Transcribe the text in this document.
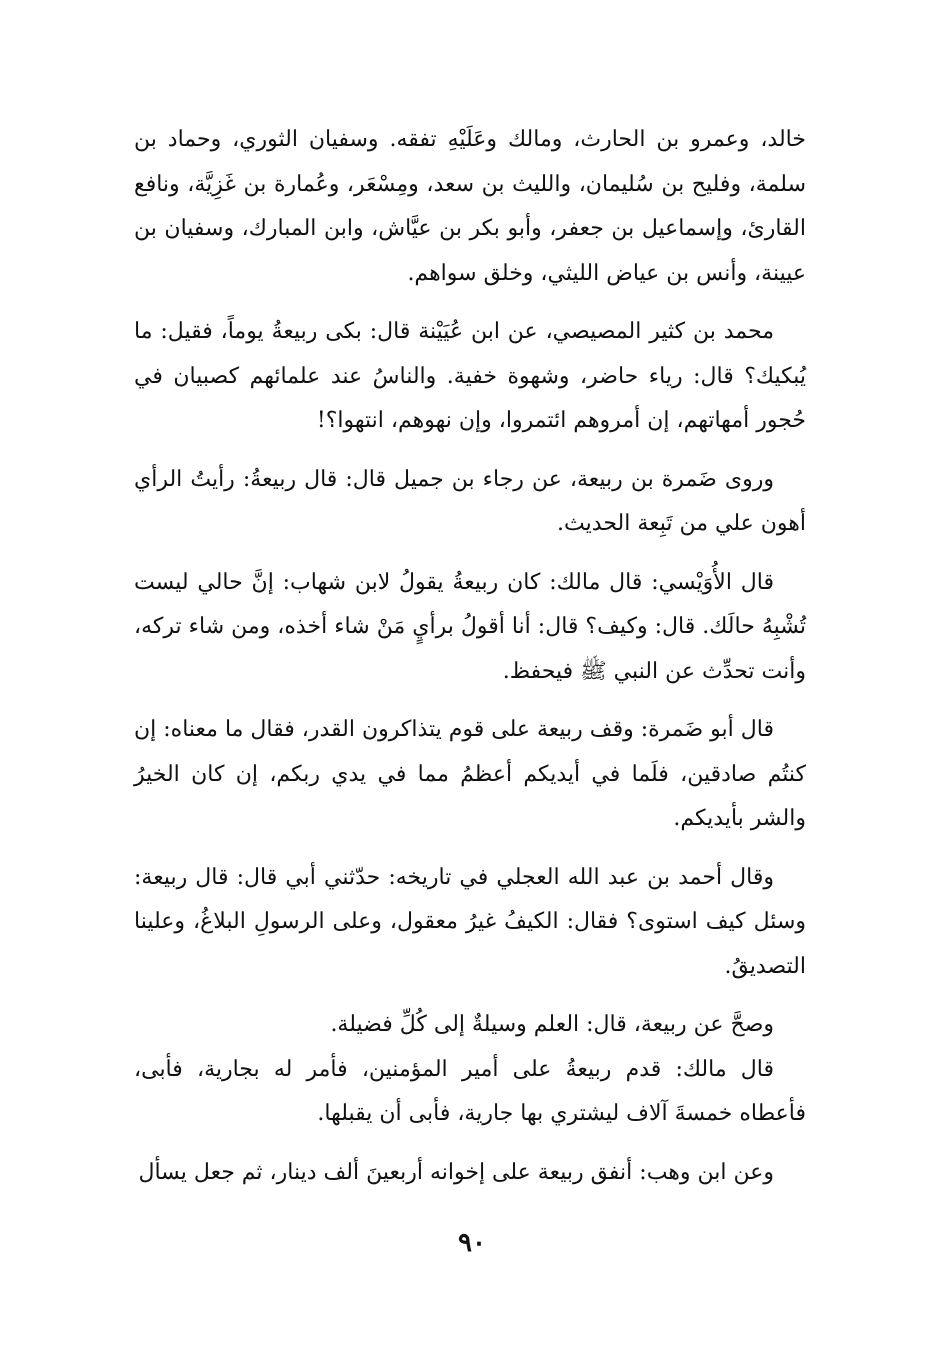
خالد، وعمرو بن الحارث، ومالك وعَلَيْهِ تفقه. وسفيان الثوري، وحماد بن سلمة، وفليح بن سُليمان، والليث بن سعد، ومِسْعَر، وعُمارة بن غَزِيَّة، ونافع القارئ، وإسماعيل بن جعفر، وأبو بكر بن عيَّاش، وابن المبارك، وسفيان بن عيينة، وأنس بن عياض الليثي، وخلق سواهم.

محمد بن كثير المصيصي، عن ابن عُيَيْنة قال: بكى ربيعةُ يوماً، فقيل: ما يُبكيك؟ قال: رياء حاضر، وشهوة خفية. والناسُ عند علمائهم كصبيان في حُجور أمهاتهم، إن أمروهم ائتمروا، وإن نهوهم، انتهوا؟!

وروى ضَمرة بن ربيعة، عن رجاء بن جميل قال: قال ربيعةُ: رأيتُ الرأي أهون علي من تَبِعة الحديث.

قال الأُوَيْسي: قال مالك: كان ربيعةُ يقولُ لابن شهاب: إنَّ حالي ليست تُشْبِهُ حالَك. قال: وكيف؟ قال: أنا أقولُ برأيٍ مَنْ شاء أخذه، ومن شاء تركه، وأنت تحدِّث عن النبي ﷺ فيحفظ.

قال أبو ضَمرة: وقف ربيعة على قوم يتذاكرون القدر، فقال ما معناه: إن كنتُم صادقين، فلَما في أيديكم أعظمُ مما في يدي ربكم، إن كان الخيرُ والشر بأيديكم.

وقال أحمد بن عبد الله العجلي في تاريخه: حدّثني أبي قال: قال ربيعة: وسئل كيف استوى؟ فقال: الكيفُ غيرُ معقول، وعلى الرسولِ البلاغُ، وعلينا التصديقُ.

وصحَّ عن ربيعة، قال: العلم وسيلةٌ إلى كُلِّ فضيلة.

قال مالك: قدم ربيعةُ على أمير المؤمنين، فأمر له بجارية، فأبى، فأعطاه خمسةَ آلاف ليشتري بها جارية، فأبى أن يقبلها.

وعن ابن وهب: أنفق ربيعة على إخوانه أربعينَ ألف دينار، ثم جعل يسأل

٩٠
